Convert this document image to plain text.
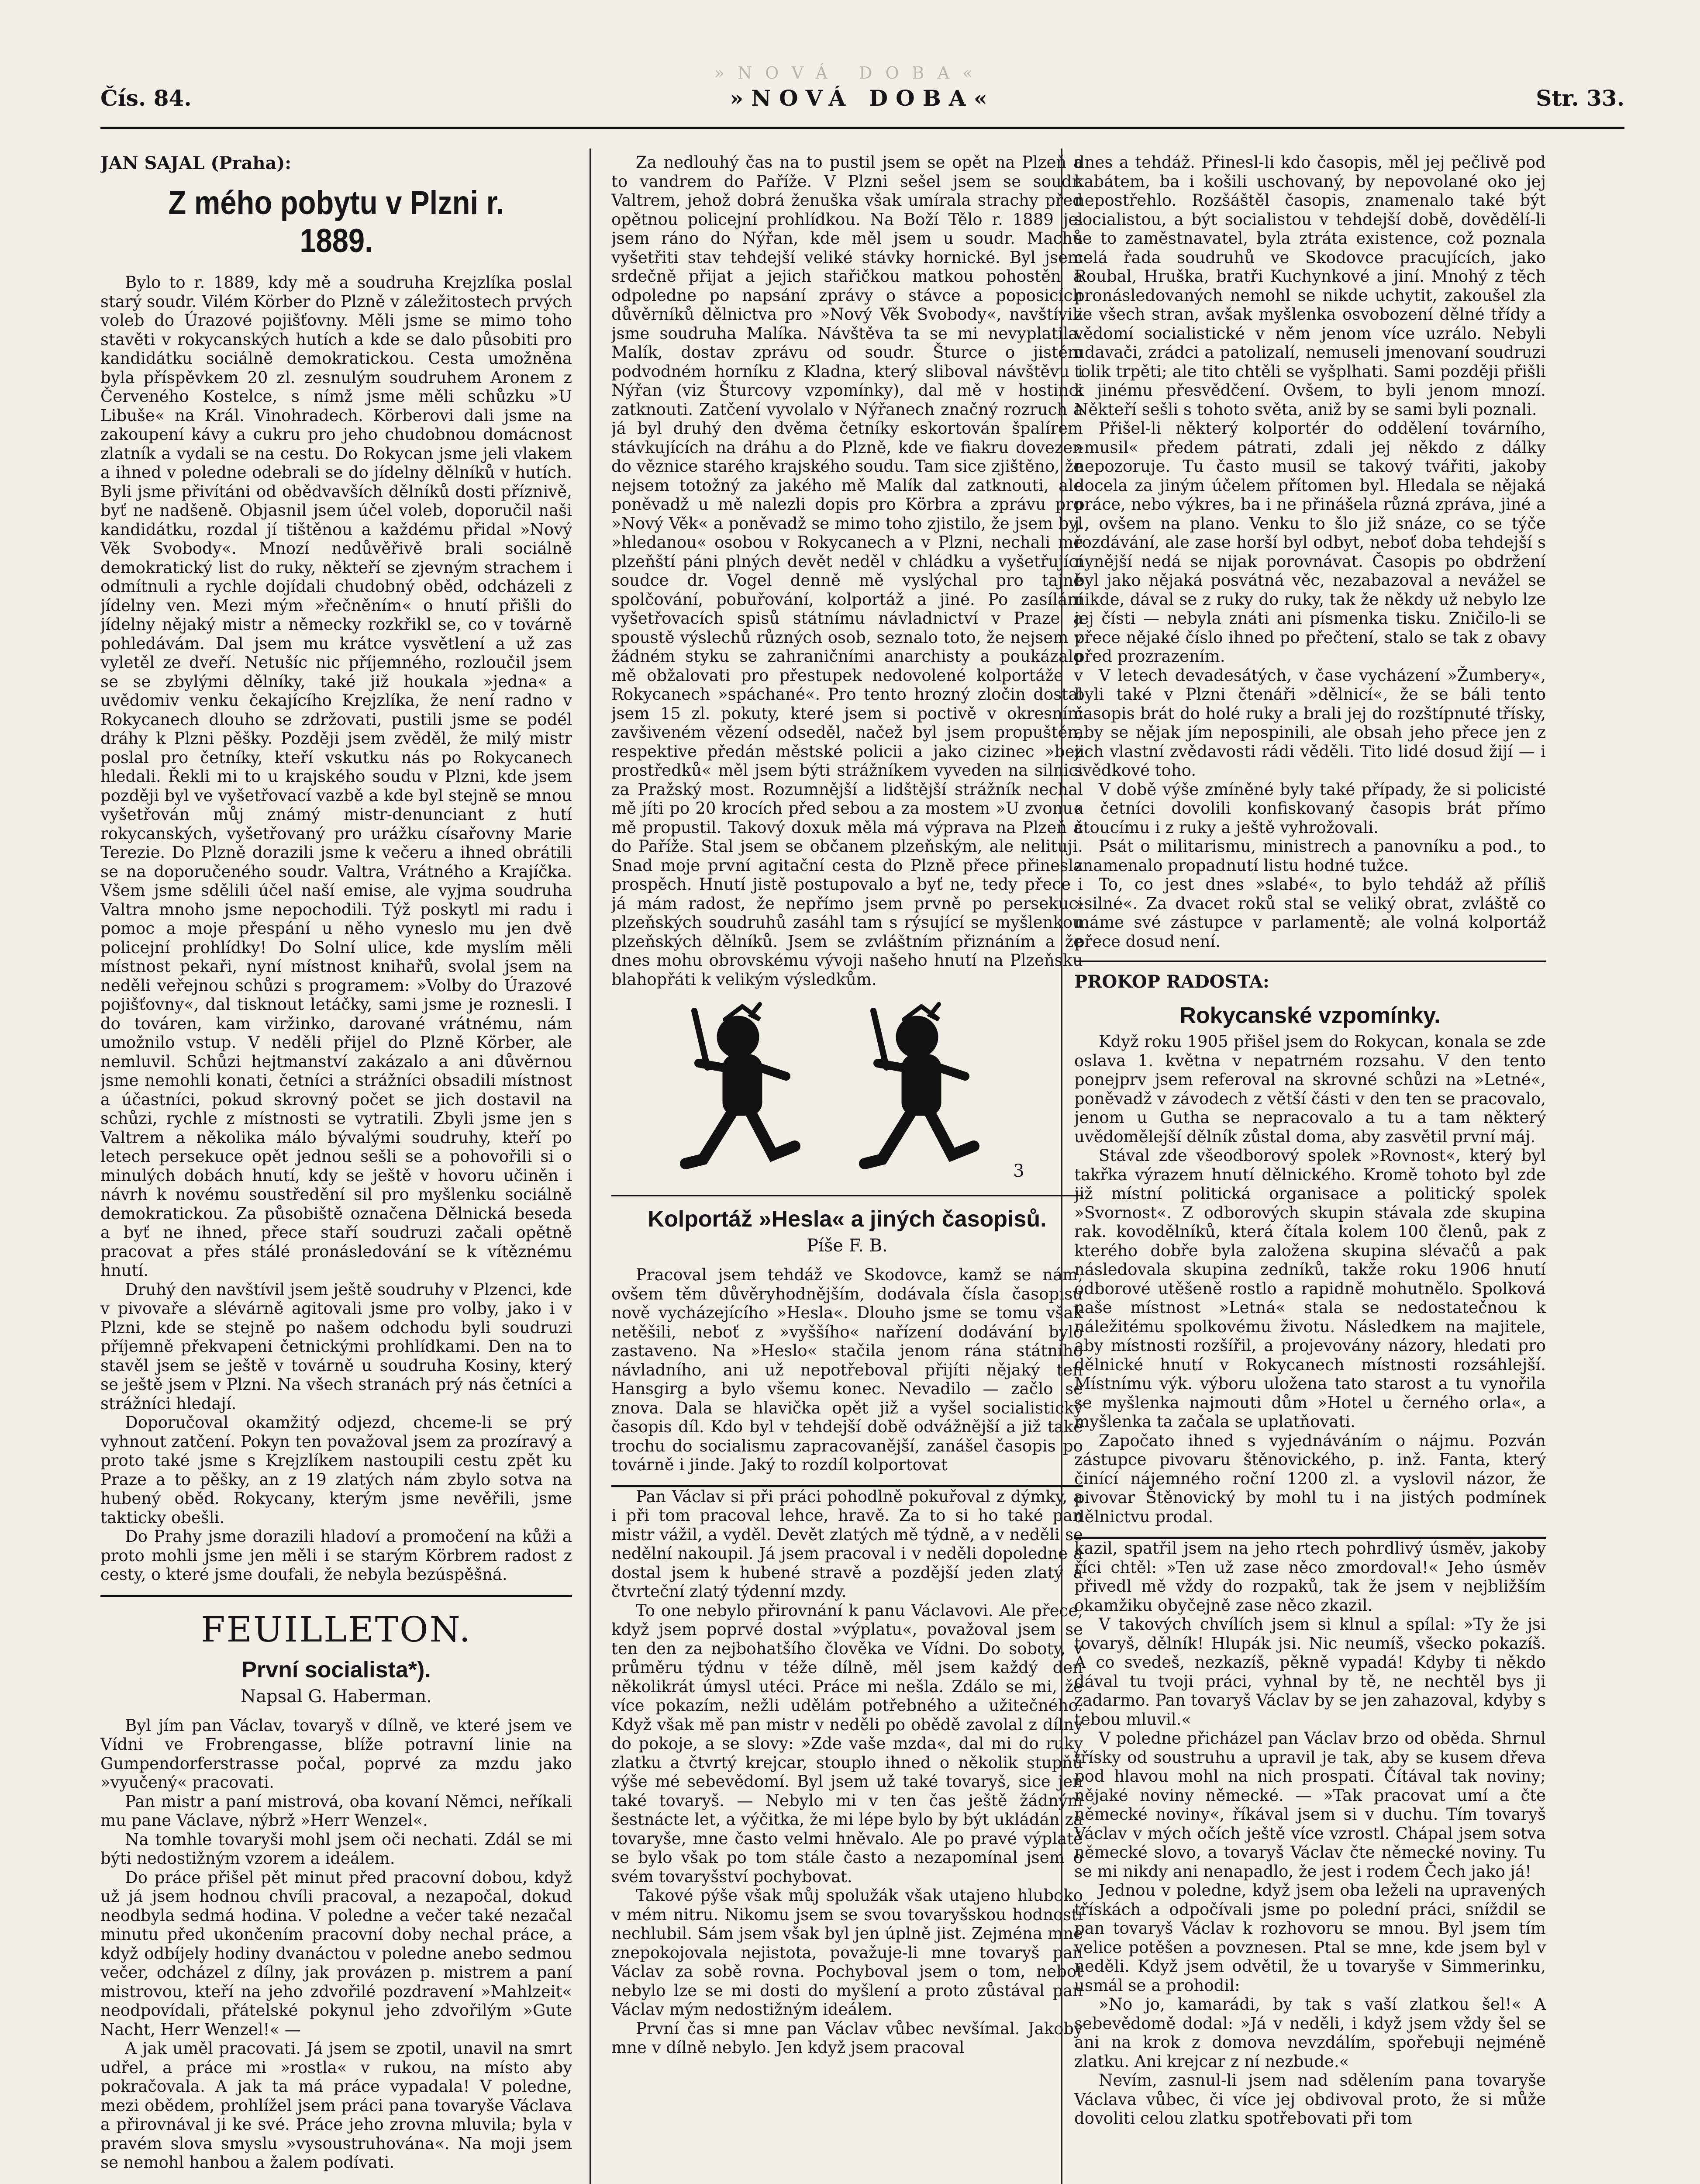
»NOVÁ DOBA«
Čís. 84.	»NOVÁ DOBA«	Str. 33.
JAN SAJAL (Praha):
Z mého pobytu v Plzni r. 1889.

Bylo to r. 1889, kdy mě a soudruha Krejzlíka poslal starý soudr. Vilém Körber do Plzně v záležitostech prvých voleb do Úrazové pojišťovny. Měli jsme se mimo toho stavěti v rokycanských hutích a kde se dalo působiti pro kandidátku sociálně demokratickou. Cesta umožněna byla příspěvkem 20 zl. zesnulým soudruhem Aronem z Červeného Kostelce, s nímž jsme měli schůzku »U Libuše« na Král. Vinohradech. Körberovi dali jsme na zakoupení kávy a cukru pro jeho chudobnou domácnost zlatník a vydali se na cestu. Do Rokycan jsme jeli vlakem a ihned v poledne odebrali se do jídelny dělníků v hutích. Byli jsme přivítáni od obědvavších dělníků dosti příznivě, byť ne nadšeně. Objasnil jsem účel voleb, doporučil naši kandidátku, rozdal jí tištěnou a každému přidal »Nový Věk Svobody«. Mnozí nedůvěřivě brali sociálně demokratický list do ruky, někteří se zjevným strachem i odmítnuli a rychle dojídali chudobný oběd, odcházeli z jídelny ven. Mezi mým »řečněním« o hnutí přišli do jídelny nějaký mistr a německy rozkřikl se, co v továrně pohledávám. Dal jsem mu krátce vysvětlení a už zas vyletěl ze dveří. Netušíc nic příjemného, rozloučil jsem se se zbylými dělníky, také již houkala »jedna« a uvědomiv venku čekajícího Krejzlíka, že není radno v Rokycanech dlouho se zdržovati, pustili jsme se podél dráhy k Plzni pěšky. Později jsem zvěděl, že milý mistr poslal pro četníky, kteří vskutku nás po Rokycanech hledali. Řekli mi to u krajského soudu v Plzni, kde jsem později byl ve vyšetřovací vazbě a kde byl stejně se mnou vyšetřován můj známý mistr-denunciant z hutí rokycanských, vyšetřovaný pro urážku císařovny Marie Terezie. Do Plzně dorazili jsme k večeru a ihned obrátili se na doporučeného soudr. Valtra, Vrátného a Krajíčka. Všem jsme sdělili účel naší emise, ale vyjma soudruha Valtra mnoho jsme nepochodili. Týž poskytl mi radu i pomoc a moje přespání u něho vyneslo mu jen dvě policejní prohlídky! Do Solní ulice, kde myslím měli místnost pekaři, nyní místnost knihařů, svolal jsem na neděli veřejnou schůzi s programem: »Volby do Úrazové pojišťovny«, dal tisknout letáčky, sami jsme je roznesli. I do továren, kam viržinko, darované vrátnému, nám umožnilo vstup. V neděli přijel do Plzně Körber, ale nemluvil. Schůzi hejtmanství zakázalo a ani důvěrnou jsme nemohli konati, četníci a strážníci obsadili místnost a účastníci, pokud skrovný počet se jich dostavil na schůzi, rychle z místnosti se vytratili. Zbyli jsme jen s Valtrem a několika málo bývalými soudruhy, kteří po letech persekuce opět jednou sešli se a pohovořili si o minulých dobách hnutí, kdy se ještě v hovoru učiněn i návrh k novému soustředění sil pro myšlenku sociálně demokratickou. Za působiště označena Dělnická beseda a byť ne ihned, přece staří soudruzi začali opětně pracovat a přes stálé pronásledování se k vítěznému hnutí.

Druhý den navštívil jsem ještě soudruhy v Plzenci, kde v pivovaře a slévárně agitovali jsme pro volby, jako i v Plzni, kde se stejně po našem odchodu byli soudruzi příjemně překvapeni četnickými prohlídkami. Den na to stavěl jsem se ještě v továrně u soudruha Kosiny, který se ještě jsem v Plzni. Na všech stranách prý nás četníci a strážníci hledají.

Doporučoval okamžitý odjezd, chceme-li se prý vyhnout zatčení. Pokyn ten považoval jsem za prozíravý a proto také jsme s Krejzlíkem nastoupili cestu zpět ku Praze a to pěšky, an z 19 zlatých nám zbylo sotva na hubený oběd. Rokycany, kterým jsme nevěřili, jsme takticky obešli.

Do Prahy jsme dorazili hladoví a promočení na kůži a proto mohli jsme jen měli i se starým Körbrem radost z cesty, o které jsme doufali, že nebyla bezúspěšná.

FEUILLETON.
První socialista*).
Napsal G. Haberman.

Byl jím pan Václav, tovaryš v dílně, ve které jsem ve Vídni ve Frobrengasse, blíže potravní linie na Gumpendorferstrasse počal, poprvé za mzdu jako »vyučený« pracovati.

Pan mistr a paní mistrová, oba kovaní Němci, neříkali mu pane Václave, nýbrž »Herr Wenzel«.

Na tomhle tovaryši mohl jsem oči nechati. Zdál se mi býti nedostižným vzorem a ideálem.

Do práce přišel pět minut před pracovní dobou, když už já jsem hodnou chvíli pracoval, a nezapočal, dokud neodbyla sedmá hodina. V poledne a večer také nezačal minutu před ukončením pracovní doby nechal práce, a když odbíjely hodiny dvanáctou v poledne anebo sedmou večer, odcházel z dílny, jak provázen p. mistrem a paní mistrovou, kteří na jeho zdvořilé pozdravení »Mahlzeit« neodpovídali, přátelské pokynul jeho zdvořilým »Gute Nacht, Herr Wenzel!« —

A jak uměl pracovati. Já jsem se zpotil, unavil na smrt udřel, a práce mi »rostla« v rukou, na místo aby pokračovala. A jak ta má práce vypadala! V poledne, mezi obědem, prohlížel jsem práci pana tovaryše Václava a přirovnával ji ke své. Práce jeho zrovna mluvila; byla v pravém slova smyslu »vysoustruhována«. Na moji jsem se nemohl hanbou a žalem podívati.

Za nedlouhý čas na to pustil jsem se opět na Plzeň a to vandrem do Paříže. V Plzni sešel jsem se soudr. Valtrem, jehož dobrá ženuška však umírala strachy před opětnou policejní prohlídkou. Na Boží Tělo r. 1889 jel jsem ráno do Nýřan, kde měl jsem u soudr. Machů vyšetřiti stav tehdejší veliké stávky hornické. Byl jsem srdečně přijat a jejich stařičkou matkou pohostěn a odpoledne po napsání zprávy o stávce a poposicích důvěrníků dělnictva pro »Nový Věk Svobody«, navštívili jsme soudruha Malíka. Návštěva ta se mi nevyplatila. Malík, dostav zprávu od soudr. Šturce o jistém podvodném horníku z Kladna, který sliboval návštěvu i Nýřan (viz Šturcovy vzpomínky), dal mě v hostinci zatknouti. Zatčení vyvolalo v Nýřanech značný rozruch a já byl druhý den dvěma četníky eskortován špalírem stávkujících na dráhu a do Plzně, kde ve fiakru dovezen do věznice starého krajského soudu. Tam sice zjištěno, že nejsem totožný za jakého mě Malík dal zatknouti, ale poněvadž u mě nalezli dopis pro Körbra a zprávu pro »Nový Věk« a poněvadž se mimo toho zjistilo, že jsem byl »hledanou« osobou v Rokycanech a v Plzni, nechali mě plzeňští páni plných devět neděl v chládku a vyšetřující soudce dr. Vogel denně mě vyslýchal pro tajné spolčování, pobuřování, kolportáž a jiné. Po zasílání vyšetřovacích spisů státnímu návladnictví v Praze a spoustě výslechů různých osob, seznalo toto, že nejsem v žádném styku se zahraničními anarchisty a poukázalo mě obžalovati pro přestupek nedovolené kolportáže v Rokycanech »spáchané«. Pro tento hrozný zločin dostal jsem 15 zl. pokuty, které jsem si poctivě v okresním zavšiveném vězení odseděl, načež byl jsem propuštěn, respektive předán městské policii a jako cizinec »bez prostředků« měl jsem býti strážníkem vyveden na silnici za Pražský most. Rozumnější a lidštější strážník nechal mě jíti po 20 krocích před sebou a za mostem »U zvonu« mě propustil. Takový doxuk měla má výprava na Plzeň a do Paříže. Stal jsem se občanem plzeňským, ale nelituji. Snad moje první agitační cesta do Plzně přece přinesla prospěch. Hnutí jistě postupovalo a byť ne, tedy přece i já mám radost, že nepřímo jsem prvně po persekuci plzeňských soudruhů zasáhl tam s rýsující se myšlenkou plzeňských dělníků. Jsem se zvláštním přiznáním a že dnes mohu obrovskému vývoji našeho hnutí na Plzeňsku blahopřáti k velikým výsledkům.

3
Kolportáž »Hesla« a jiných časopisů.
Píše F. B.

Pracoval jsem tehdáž ve Skodovce, kamž se nám, ovšem těm důvěryhodnějším, dodávala čísla časopisu nově vycházejícího »Hesla«. Dlouho jsme se tomu však netěšili, neboť z »vyššího« nařízení dodávání bylo zastaveno. Na »Heslo« stačila jenom rána státního návladního, ani už nepotřeboval přijíti nějaký ten Hansgirg a bylo všemu konec. Nevadilo — začlo se znova. Dala se hlavička opět již a vyšel socialistický časopis díl. Kdo byl v tehdejší době odvážnější a již také trochu do socialismu zapracovanější, zanášel časopis po továrně i jinde. Jaký to rozdíl kolportovat

Pan Václav si při práci pohodlně pokuřoval z dýmky, a i při tom pracoval lehce, hravě. Za to si ho také pan mistr vážil, a vyděl. Devět zlatých mě týdně, a v neděli se nedělní nakoupil. Já jsem pracoval i v neděli dopoledne a dostal jsem k hubené stravě a pozdější jeden zlatý a čtvrteční zlatý týdenní mzdy.

To one nebylo přirovnání k panu Václavovi. Ale přece, když jsem poprvé dostal »výplatu«, považoval jsem se ten den za nejbohatšího člověka ve Vídni. Do soboty, v průměru týdnu v téže dílně, měl jsem každý den několikrát úmysl utéci. Práce mi nešla. Zdálo se mi, že více pokazím, nežli udělám potřebného a užitečného. Když však mě pan mistr v neděli po obědě zavolal z dílny do pokoje, a se slovy: »Zde vaše mzda«, dal mi do ruky zlatku a čtvrtý krejcar, stouplo ihned o několik stupňů výše mé sebevědomí. Byl jsem už také tovaryš, sice jen také tovaryš. — Nebylo mi v ten čas ještě žádným šestnácte let, a výčitka, že mi lépe bylo by být ukládán za tovaryše, mne často velmi hněvalo. Ale po pravé výplatě se bylo však po tom stále často a nezapomínal jsem o svém tovaryšství pochybovat.

Takové pýše však můj spolužák však utajeno hluboko v mém nitru. Nikomu jsem se svou tovaryšskou hodností nechlubil. Sám jsem však byl jen úplně jist. Zejména mne znepokojovala nejistota, považuje-li mne tovaryš pan Václav za sobě rovna. Pochyboval jsem o tom, neboť nebylo lze se mi dosti do myšlení a proto zůstával pan Václav mým nedostižným ideálem.

První čas si mne pan Václav vůbec nevšímal. Jakoby mne v dílně nebylo. Jen když jsem pracoval

dnes a tehdáž. Přinesl-li kdo časopis, měl jej pečlivě pod kabátem, ba i košili uschovaný, by nepovolané oko jej nepostřehlo. Rozšáštěl časopis, znamenalo také být socialistou, a být socialistou v tehdejší době, dovědělí-li se to zaměstnavatel, byla ztráta existence, což poznala celá řada soudruhů ve Skodovce pracujících, jako Roubal, Hruška, bratři Kuchynkové a jiní. Mnohý z těch pronásledovaných nemohl se nikde uchytit, zakoušel zla ze všech stran, avšak myšlenka osvobození dělné třídy a vědomí socialistické v něm jenom více uzrálo. Nebyli udavači, zrádci a patolizalí, nemuseli jmenovaní soudruzi tolik trpěti; ale tito chtěli se vyšplhati. Sami později přišli k jinému přesvědčení. Ovšem, to byli jenom mnozí. Někteří sešli s tohoto světa, aniž by se sami byli poznali.

Přišel-li některý kolportér do oddělení továrního, »musil« předem pátrati, zdali jej někdo z dálky nepozoruje. Tu často musil se takový tvářiti, jakoby docela za jiným účelem přítomen byl. Hledala se nějaká práce, nebo výkres, ba i ne přinášela různá zpráva, jiné a j., ovšem na plano. Venku to šlo již snáze, co se týče rozdávání, ale zase horší byl odbyt, neboť doba tehdejší s nynější nedá se nijak porovnávat. Časopis po obdržení byl jako nějaká posvátná věc, nezabazoval a nevážel se nikde, dával se z ruky do ruky, tak že někdy už nebylo lze jej čísti — nebyla znáti ani písmenka tisku. Zničilo-li se přece nějaké číslo ihned po přečtení, stalo se tak z obavy před prozrazením.

V letech devadesátých, v čase vycházení »Žumbery«, byli také v Plzni čtenáři »dělnicí«, že se báli tento časopis brát do holé ruky a brali jej do rozštípnuté třísky, aby se nějak jím nepospinili, ale obsah jeho přece jen z jich vlastní zvědavosti rádi věděli. Tito lidé dosud žijí — i svědkové toho.

V době výše zmíněné byly také případy, že si policisté a četníci dovolili konfiskovaný časopis brát přímo čtoucímu i z ruky a ještě vyhrožovali.

Psát o militarismu, ministrech a panovníku a pod., to znamenalo propadnutí listu hodné tužce.

To, co jest dnes »slabé«, to bylo tehdáž až příliš »silné«. Za dvacet roků stal se veliký obrat, zvláště co máme své zástupce v parlamentě; ale volná kolportáž přece dosud není.

PROKOP RADOSTA:
Rokycanské vzpomínky.

Když roku 1905 přišel jsem do Rokycan, konala se zde oslava 1. května v nepatrném rozsahu. V den tento ponejprv jsem referoval na skrovné schůzi na »Letné«, poněvadž v závodech z větší části v den ten se pracovalo, jenom u Gutha se nepracovalo a tu a tam některý uvědomělejší dělník zůstal doma, aby zasvětil první máj.

Stával zde všeodborový spolek »Rovnost«, který byl takřka výrazem hnutí dělnického. Kromě tohoto byl zde již místní politická organisace a politický spolek »Svornost«. Z odborových skupin stávala zde skupina rak. kovodělníků, která čítala kolem 100 členů, pak z kterého dobře byla založena skupina slévačů a pak následovala skupina zedníků, takže roku 1906 hnutí odborové utěšeně rostlo a rapidně mohutnělo. Spolková naše místnost »Letná« stala se nedostatečnou k náležitému spolkovému životu. Následkem na majitele, aby místnosti rozšířil, a projevovány názory, hledati pro dělnické hnutí v Rokycanech místnosti rozsáhlejší. Místnímu výk. výboru uložena tato starost a tu vynořila se myšlenka najmouti dům »Hotel u černého orla«, a myšlenka ta začala se uplatňovati.

Započato ihned s vyjednáváním o nájmu. Pozván zástupce pivovaru štěnovického, p. inž. Fanta, který činící nájemného roční 1200 zl. a vyslovil názor, že pivovar Štěnovický by mohl tu i na jistých podmínek dělnictvu prodal.

kazil, spatřil jsem na jeho rtech pohrdlivý úsměv, jakoby říci chtěl: »Ten už zase něco zmordoval!« Jeho úsměv přivedl mě vždy do rozpaků, tak že jsem v nejbližším okamžiku obyčejně zase něco zkazil.

V takových chvílích jsem si klnul a spílal: »Ty že jsi tovaryš, dělník! Hlupák jsi. Nic neumíš, všecko pokazíš. A co svedeš, nezkazíš, pěkně vypadá! Kdyby ti někdo dával tu tvoji práci, vyhnal by tě, ne nechtěl bys ji zadarmo. Pan tovaryš Václav by se jen zahazoval, kdyby s tebou mluvil.«

V poledne přicházel pan Václav brzo od oběda. Shrnul třísky od soustruhu a upravil je tak, aby se kusem dřeva pod hlavou mohl na nich prospati. Čítával tak noviny; nějaké noviny německé. — »Tak pracovat umí a čte německé noviny«, říkával jsem si v duchu. Tím tovaryš Václav v mých očích ještě více vzrostl. Chápal jsem sotva německé slovo, a tovaryš Václav čte německé noviny. Tu se mi nikdy ani nenapadlo, že jest i rodem Čech jako já!

Jednou v poledne, když jsem oba leželi na upravených třískách a odpočívali jsme po polední práci, sníždil se pan tovaryš Václav k rozhovoru se mnou. Byl jsem tím velice potěšen a povznesen. Ptal se mne, kde jsem byl v neděli. Když jsem odvětil, že u tovaryše v Simmerinku, usmál se a prohodil:

»No jo, kamarádi, by tak s vaší zlatkou šel!« A sebevědomě dodal: »Já v neděli, i když jsem vždy šel se ani na krok z domova nevzdálím, spořebuji nejméně zlatku. Ani krejcar z ní nezbude.«

Nevím, zasnul-li jsem nad sdělením pana tovaryše Václava vůbec, či více jej obdivoval proto, že si může dovoliti celou zlatku spotřebovati při tom
